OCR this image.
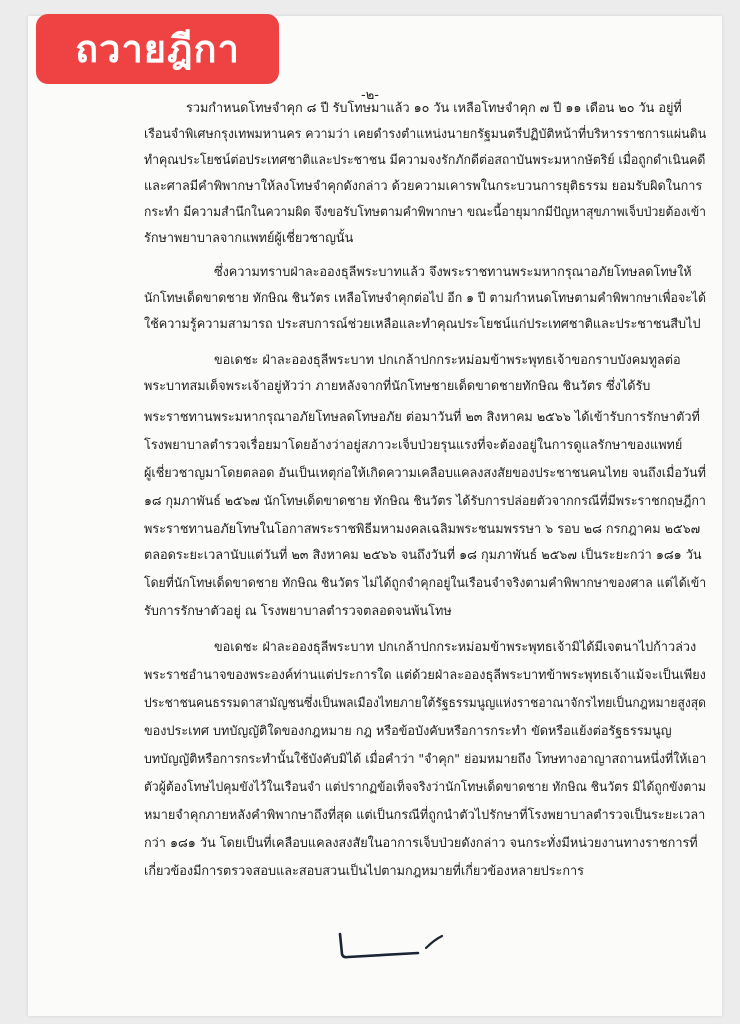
ถวายฎีกา
-๒-
รวมกำหนดโทษจำคุก ๘ ปี รับโทษมาแล้ว ๑๐ วัน เหลือโทษจำคุก ๗ ปี ๑๑ เดือน ๒๐ วัน อยู่ที่
เรือนจำพิเศษกรุงเทพมหานคร ความว่า เคยดำรงตำแหน่งนายกรัฐมนตรีปฏิบัติหน้าที่บริหารราชการแผ่นดิน
ทำคุณประโยชน์ต่อประเทศชาติและประชาชน มีความจงรักภักดีต่อสถาบันพระมหากษัตริย์ เมื่อถูกดำเนินคดี
และศาลมีคำพิพากษาให้ลงโทษจำคุกดังกล่าว ด้วยความเคารพในกระบวนการยุติธรรม ยอมรับผิดในการ
กระทำ มีความสำนึกในความผิด จึงขอรับโทษตามคำพิพากษา ขณะนี้อายุมากมีปัญหาสุขภาพเจ็บป่วยต้องเข้า
รักษาพยาบาลจากแพทย์ผู้เชี่ยวชาญนั้น
ซึ่งความทราบฝ่าละอองธุลีพระบาทแล้ว จึงพระราชทานพระมหากรุณาอภัยโทษลดโทษให้
นักโทษเด็ดขาดชาย ทักษิณ ชินวัตร เหลือโทษจำคุกต่อไป อีก ๑ ปี ตามกำหนดโทษตามคำพิพากษาเพื่อจะได้
ใช้ความรู้ความสามารถ ประสบการณ์ช่วยเหลือและทำคุณประโยชน์แก่ประเทศชาติและประชาชนสืบไป
ขอเดชะ ฝ่าละอองธุลีพระบาท ปกเกล้าปกกระหม่อมข้าพระพุทธเจ้าขอกราบบังคมทูลต่อ
พระบาทสมเด็จพระเจ้าอยู่หัวว่า ภายหลังจากที่นักโทษชายเด็ดขาดชายทักษิณ ชินวัตร ซึ่งได้รับ
พระราชทานพระมหากรุณาอภัยโทษลดโทษอภัย ต่อมาวันที่ ๒๓ สิงหาคม ๒๕๖๖ ได้เข้ารับการรักษาตัวที่
โรงพยาบาลตำรวจเรื่อยมาโดยอ้างว่าอยู่สภาวะเจ็บป่วยรุนแรงที่จะต้องอยู่ในการดูแลรักษาของแพทย์
ผู้เชี่ยวชาญมาโดยตลอด อันเป็นเหตุก่อให้เกิดความเคลือบแคลงสงสัยของประชาชนคนไทย จนถึงเมื่อวันที่
๑๘ กุมภาพันธ์ ๒๕๖๗ นักโทษเด็ดขาดชาย ทักษิณ ชินวัตร ได้รับการปล่อยตัวจากกรณีที่มีพระราชกฤษฎีกา
พระราชทานอภัยโทษในโอกาสพระราชพิธีมหามงคลเฉลิมพระชนมพรรษา ๖ รอบ ๒๘ กรกฎาคม ๒๕๖๗
ตลอดระยะเวลานับแต่วันที่ ๒๓ สิงหาคม ๒๕๖๖ จนถึงวันที่ ๑๘ กุมภาพันธ์ ๒๕๖๗ เป็นระยะกว่า ๑๘๑ วัน
โดยที่นักโทษเด็ดขาดชาย ทักษิณ ชินวัตร ไม่ได้ถูกจำคุกอยู่ในเรือนจำจริงตามคำพิพากษาของศาล แต่ได้เข้า
รับการรักษาตัวอยู่ ณ โรงพยาบาลตำรวจตลอดจนพ้นโทษ
ขอเดชะ ฝ่าละอองธุลีพระบาท ปกเกล้าปกกระหม่อมข้าพระพุทธเจ้ามิได้มีเจตนาไปก้าวล่วง
พระราชอำนาจของพระองค์ท่านแต่ประการใด แต่ด้วยฝ่าละอองธุลีพระบาทข้าพระพุทธเจ้าแม้จะเป็นเพียง
ประชาชนคนธรรมดาสามัญชนซึ่งเป็นพลเมืองไทยภายใต้รัฐธรรมนูญแห่งราชอาณาจักรไทยเป็นกฎหมายสูงสุด
ของประเทศ บทบัญญัติใดของกฎหมาย กฎ หรือข้อบังคับหรือการกระทำ ขัดหรือแย้งต่อรัฐธรรมนูญ
บทบัญญัติหรือการกระทำนั้นใช้บังคับมิได้ เมื่อคำว่า "จำคุก" ย่อมหมายถึง โทษทางอาญาสถานหนึ่งที่ให้เอา
ตัวผู้ต้องโทษไปคุมขังไว้ในเรือนจำ แต่ปรากฏข้อเท็จจริงว่านักโทษเด็ดขาดชาย ทักษิณ ชินวัตร มิได้ถูกขังตาม
หมายจำคุกภายหลังคำพิพากษาถึงที่สุด แต่เป็นกรณีที่ถูกนำตัวไปรักษาที่โรงพยาบาลตำรวจเป็นระยะเวลา
กว่า ๑๘๑ วัน โดยเป็นที่เคลือบแคลงสงสัยในอาการเจ็บป่วยดังกล่าว จนกระทั่งมีหน่วยงานทางราชการที่
เกี่ยวข้องมีการตรวจสอบและสอบสวนเป็นไปตามกฎหมายที่เกี่ยวข้องหลายประการ
